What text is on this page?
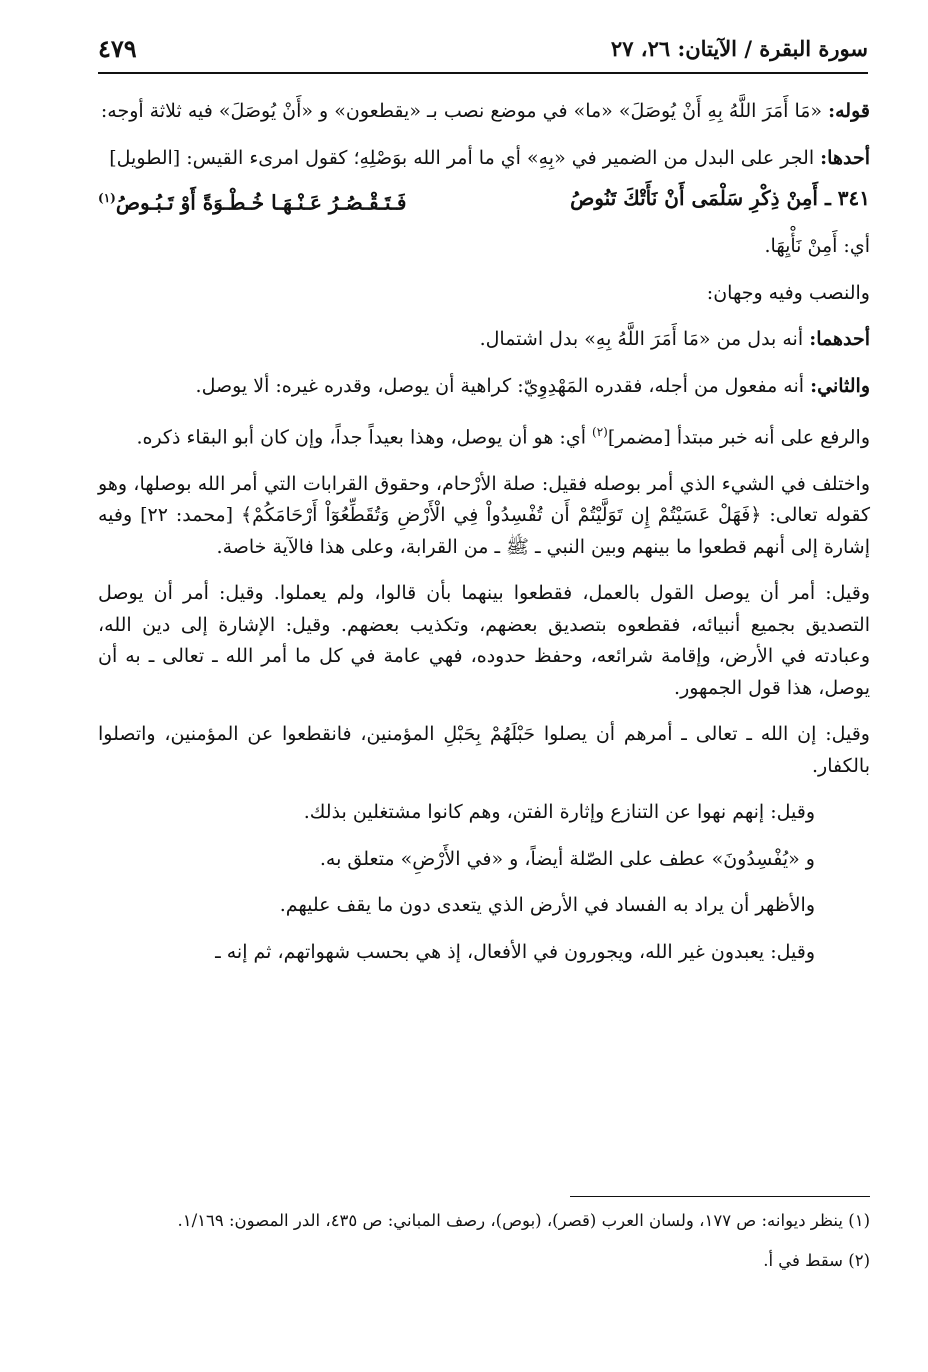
سورة البقرة / الآيتان: ٢٦، ٢٧
٤٧٩

قوله: «مَا أَمَرَ اللَّهُ بِهِ أَنْ يُوصَلَ» «ما» في موضع نصب بـ «يقطعون» و «أَنْ يُوصَلَ» فيه ثلاثة أوجه:

أحدها: الجر على البدل من الضمير في «بِهِ» أي ما أمر الله بوَصْلِهِ؛ كقول امرىء القيس: [الطويل]

٣٤١ ـ أَمِنْ ذِكْرِ سَلْمَى أَنْ نَأَتْكَ تَنُوصُ
فَـتَـقْـصُـرُ عَـنْـهَـا خُـطْـوَةً أَوْ تَـبُـوصُ$^{(١)}$

أي: أَمِنْ نَأْيِهَا.

والنصب وفيه وجهان:

أحدهما: أنه بدل من «مَا أَمَرَ اللَّهُ بِهِ» بدل اشتمال.

والثاني: أنه مفعول من أجله، فقدره المَهْدِوِيّ: كراهية أن يوصل، وقدره غيره: ألا يوصل.

والرفع على أنه خبر مبتدأ [مضمر]$^{(٢)}$ أي: هو أن يوصل، وهذا بعيداً جداً، وإن كان أبو البقاء ذكره.

واختلف في الشيء الذي أمر بوصله فقيل: صلة الأرْحام، وحقوق القرابات التي أمر الله بوصلها، وهو كقوله تعالى: ﴿فَهَلْ عَسَيْتُمْ إِن تَوَلَّيْتُمْ أَن تُفْسِدُواْ فِي الْأَرْضِ وَتُقَطِّعُوٓاْ أَرْحَامَكُمْ﴾ [محمد: ٢٢] وفيه إشارة إلى أنهم قطعوا ما بينهم وبين النبي ـ ﷺ ـ من القرابة، وعلى هذا فالآية خاصة.

وقيل: أمر أن يوصل القول بالعمل، فقطعوا بينهما بأن قالوا، ولم يعملوا. وقيل: أمر أن يوصل التصديق بجميع أنبيائه، فقطعوه بتصديق بعضهم، وتكذيب بعضهم. وقيل: الإشارة إلى دين الله، وعبادته في الأرض، وإقامة شرائعه، وحفظ حدوده، فهي عامة في كل ما أمر الله ـ تعالى ـ به أن يوصل، هذا قول الجمهور.

وقيل: إن الله ـ تعالى ـ أمرهم أن يصلوا حَبْلَهُمْ بِحَبْلِ المؤمنين، فانقطعوا عن المؤمنين، واتصلوا بالكفار.

وقيل: إنهم نهوا عن التنازع وإثارة الفتن، وهم كانوا مشتغلين بذلك.

و «يُفْسِدُونَ» عطف على الصّلة أيضاً، و «في الأَرْضِ» متعلق به.

والأظهر أن يراد به الفساد في الأرض الذي يتعدى دون ما يقف عليهم.

وقيل: يعبدون غير الله، ويجورون في الأفعال، إذ هي بحسب شهواتهم، ثم إنه ـ

(١) ينظر ديوانه: ص ١٧٧، ولسان العرب (قصر)، (بوص)، رصف المباني: ص ٤٣٥، الدر المصون: ١/١٦٩.

(٢) سقط في أ.
